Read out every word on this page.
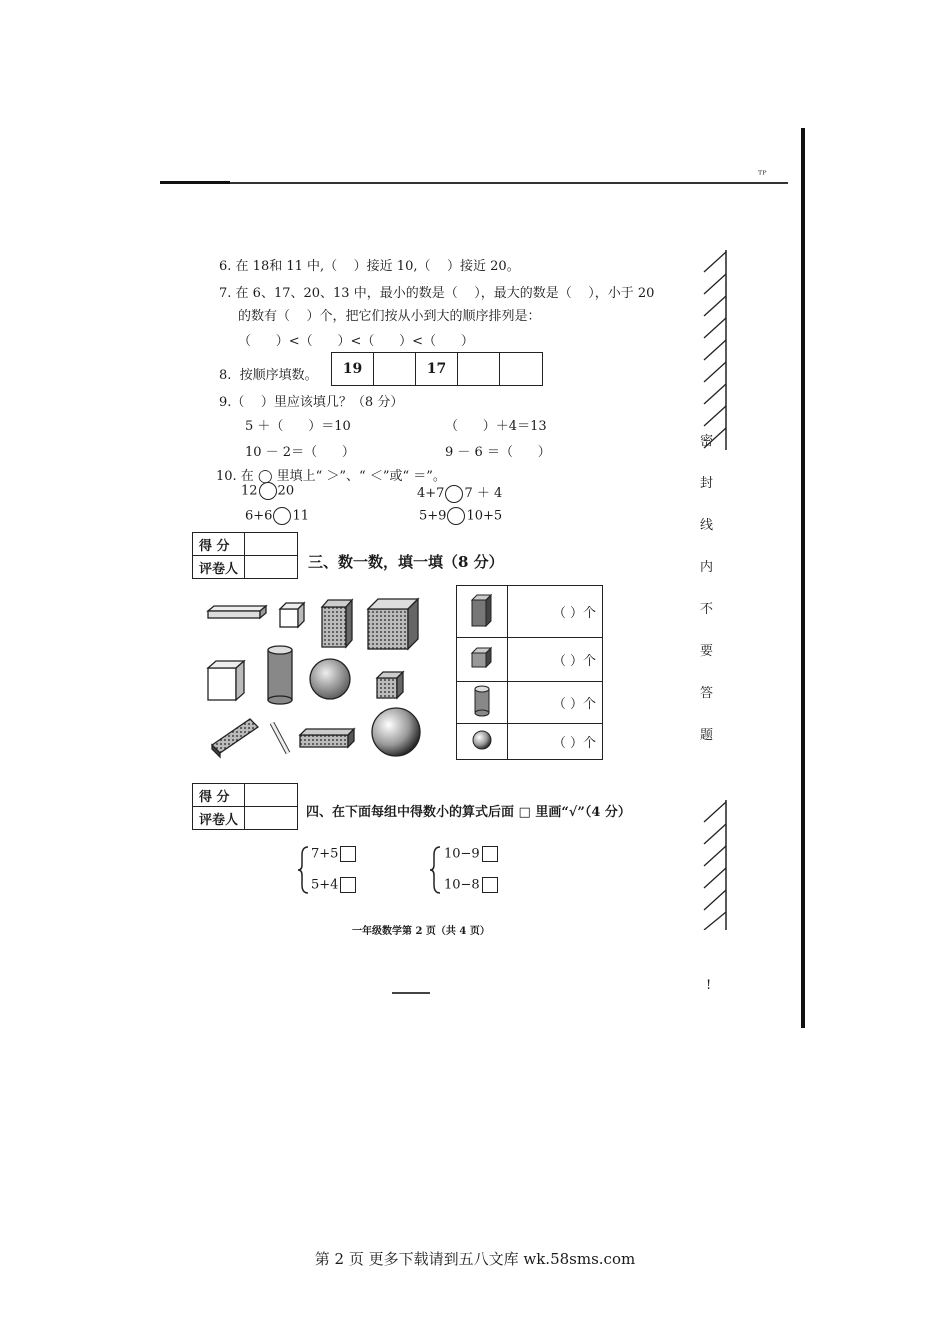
ᵀᴾ
密
封
线
内
不
要
答
题
!
6. 在 18和 11 中,（    ）接近 10,（    ）接近 20。
7. 在 6、17、20、13 中，最小的数是（    ），最大的数是（    ），小于 20
的数有（    ）个，把它们按从小到大的顺序排列是：
（      ）<（      ）<（      ）<（      ）
8.  按顺序填数。	19	17
9.（    ）里应该填几？（8 分）
5 ＋（      ）＝10	（      ）＋4＝13
10 － 2＝（      ）	9 － 6 ＝（      ）
10. 在 ◯ 里填上“ ＞”、“ ＜”或“ ＝”。
12 20	4+7 7 ＋ 4
6+6 11	5+9 10+5
得 分	
评卷人		三、数一数，填一填（8 分）
	（ ）个
	（ ）个
	（ ）个
	（ ）个
得 分	
评卷人		四、在下面每组中得数小的算式后面 □ 里画“√”（4 分）
7+5
5+4
10−9
10−8
一年级数学第 2 页（共 4 页）
第 2 页 更多下载请到五八文库 wk.58sms.com
